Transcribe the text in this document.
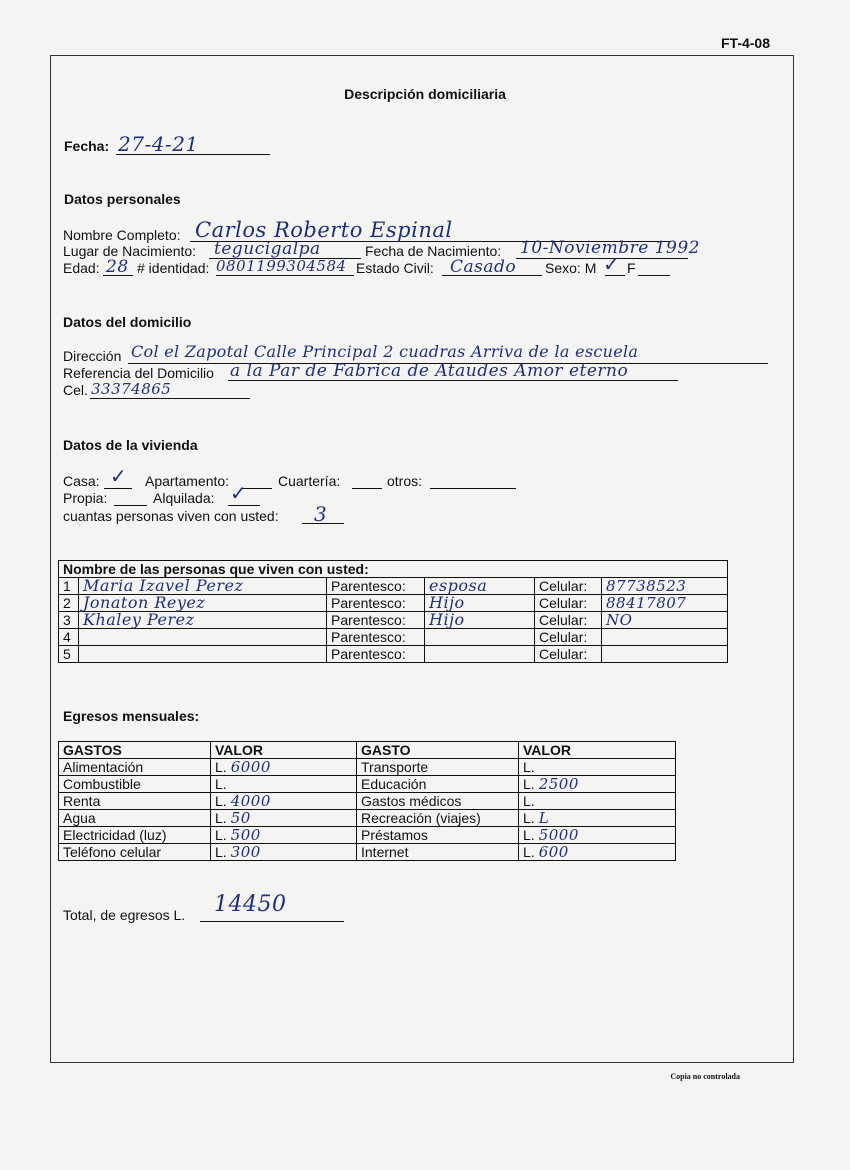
FT-4-08
Descripción domiciliaria
Fecha: 27-4-21
Datos personales
Nombre Completo: Carlos Roberto Espinal
Lugar de Nacimiento: tegucigalpa	Fecha de Nacimiento: 10-Noviembre 1992
Edad: 28 # identidad: 0801199304584 Estado Civil: Casado Sexo: M ✓ F
Datos del domicilio
Dirección Col el Zapotal Calle Principal 2 cuadras Arriva de la escuela
Referencia del Domicilio a la Par de Fabrica de Ataudes Amor eterno
Cel. 33374865
Datos de la vivienda
Casa: ✓ Apartamento:	Cuartería:	otros:
Propia:	Alquilada: ✓
cuantas personas viven con usted: 3
Nombre de las personas que viven con usted:					
1	Maria Izavel Perez	Parentesco:	esposa	Celular:	87738523
2	Jonaton Reyez	Parentesco:	Hijo	Celular:	88417807
3	Khaley Perez	Parentesco:	Hijo	Celular:	NO
4		Parentesco:		Celular:	
5		Parentesco:		Celular:	
Egresos mensuales:
GASTOS	VALOR	GASTO	VALOR
Alimentación	L. 6000	Transporte	L.
Combustible	L.	Educación	L. 2500
Renta	L. 4000	Gastos médicos	L.
Agua	L. 50	Recreación (viajes)	L. L
Electricidad (luz)	L. 500	Préstamos	L. 5000
Teléfono celular	L. 300	Internet	L. 600
Total, de egresos L. 14450
Copia no controlada
